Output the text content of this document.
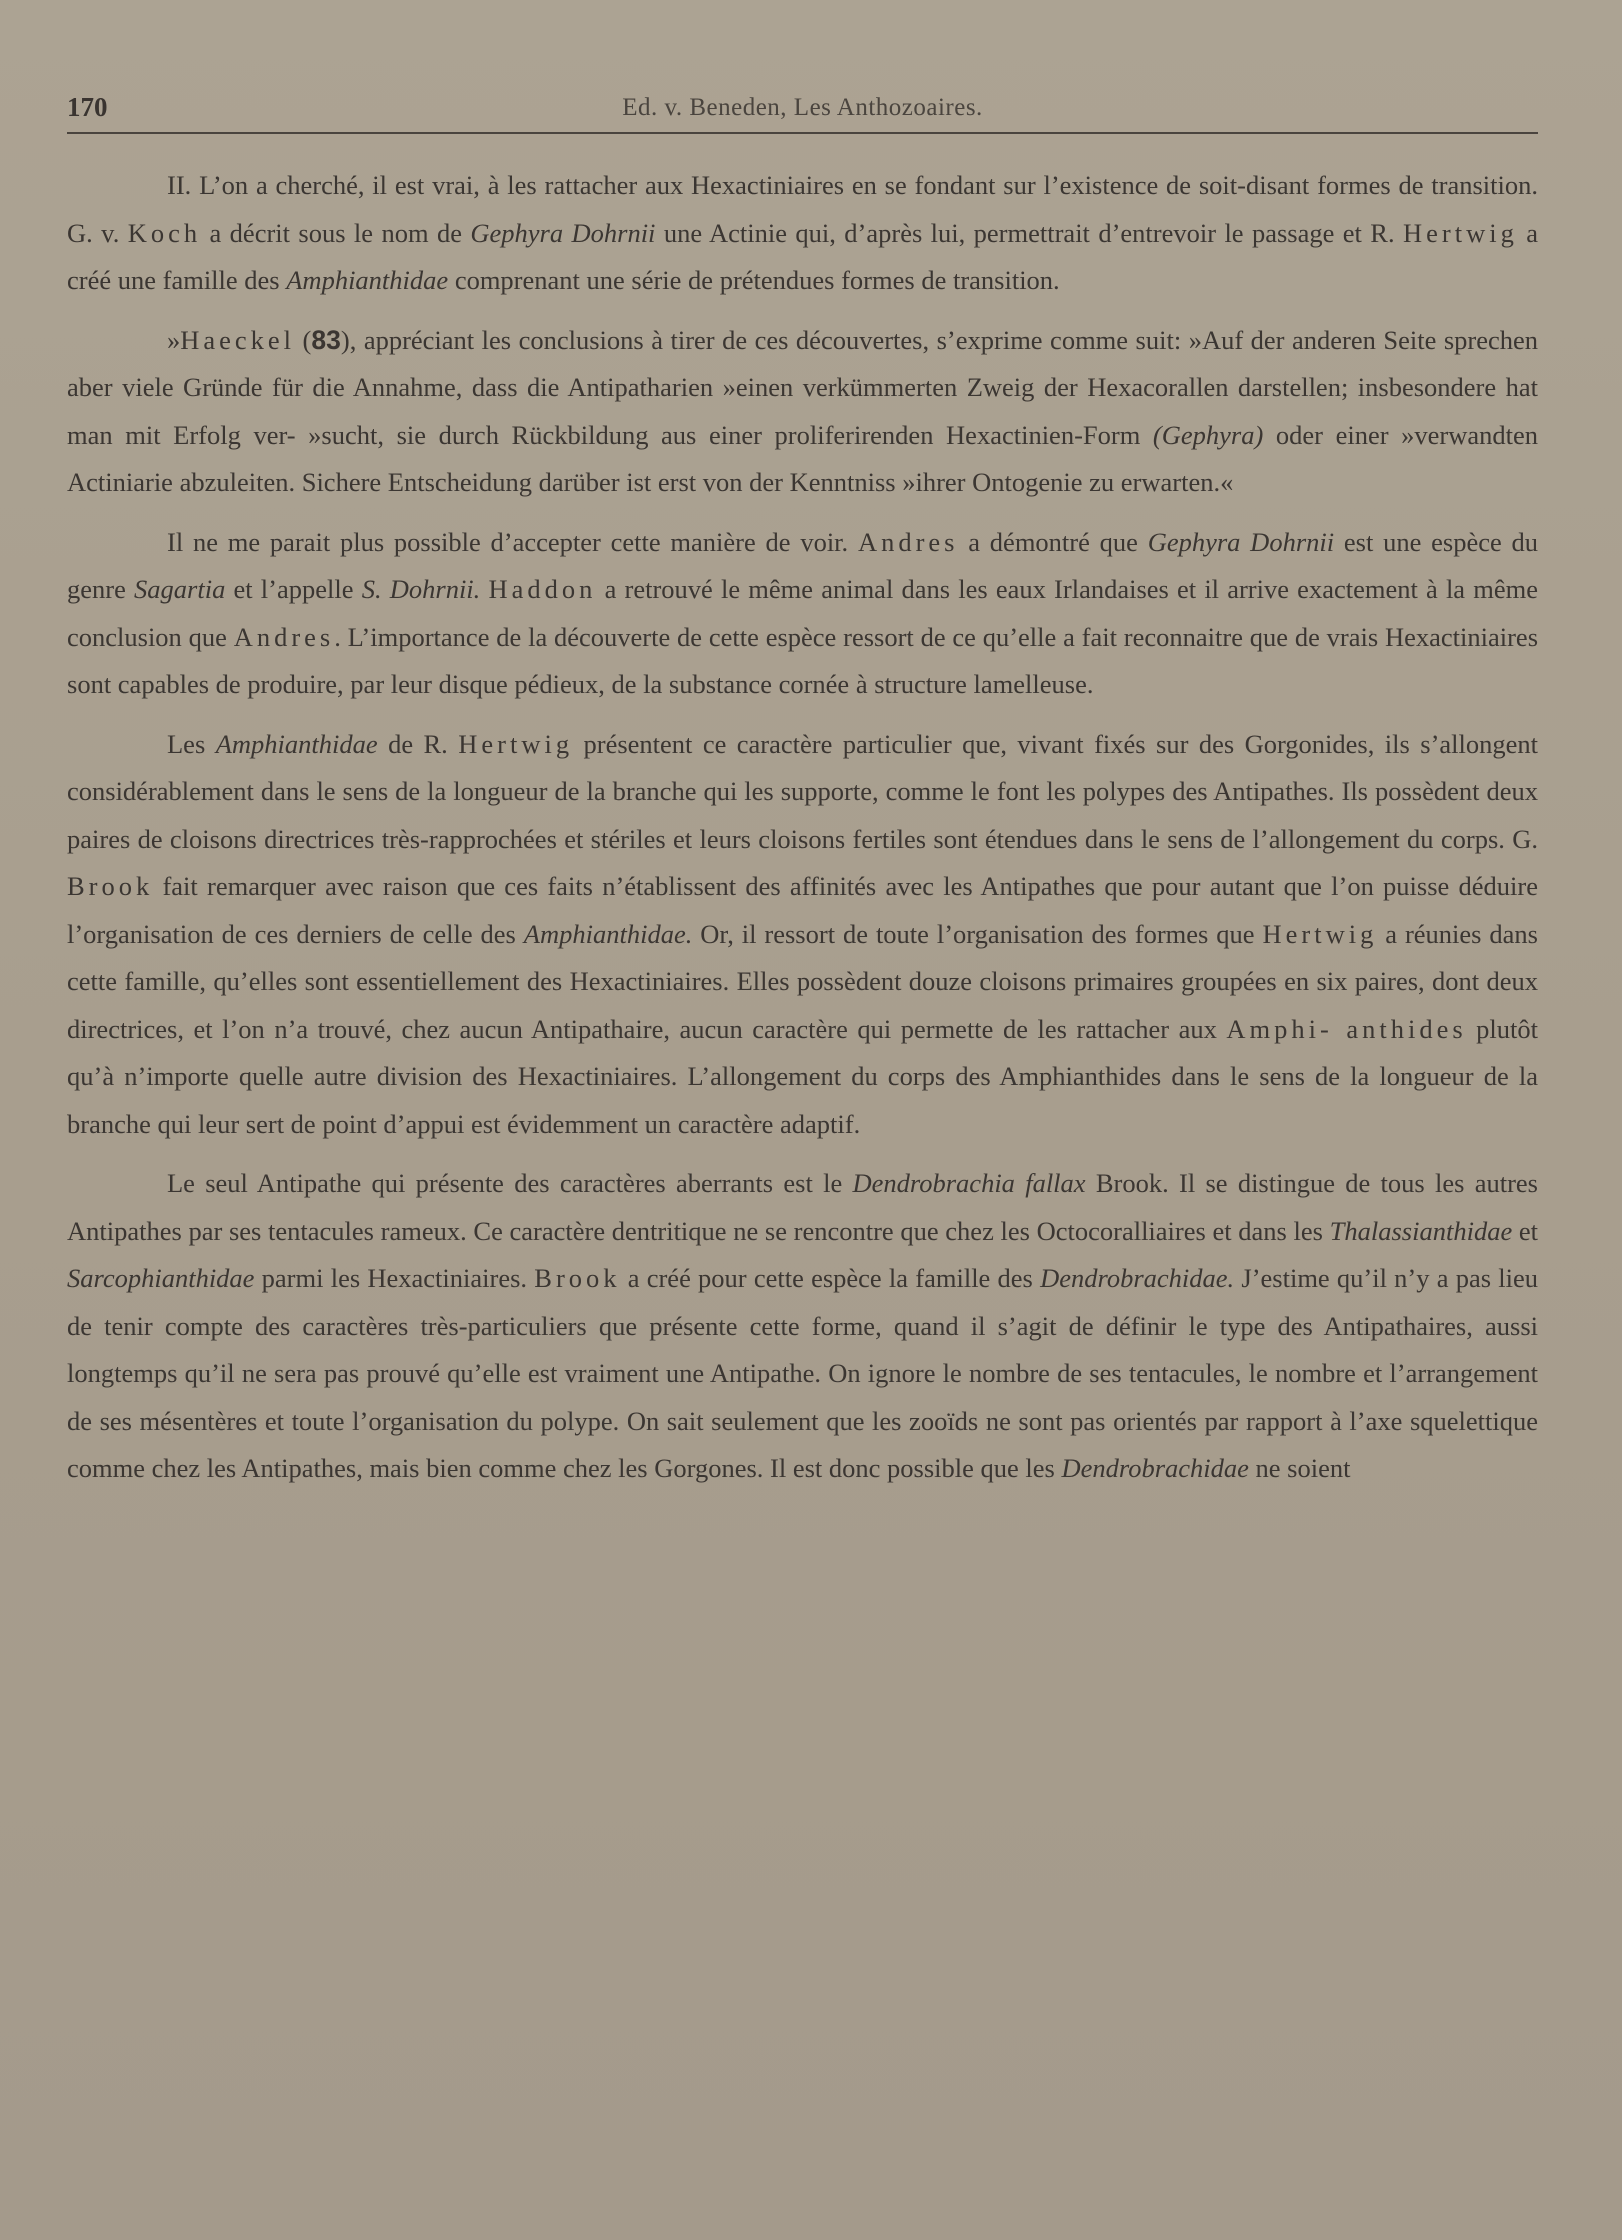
170	Ed. v. Beneden, Les Anthozoaires.

II. L’on a cherché, il est vrai, à les rattacher aux Hexactiniaires en se fondant sur l’existence de soit-disant formes de transition. G. v. Koch a décrit sous le nom de Gephyra Dohrnii une Actinie qui, d’après lui, permettrait d’entrevoir le passage et R. Hertwig a créé une famille des Amphianthidae comprenant une série de prétendues formes de transition.

»Haeckel (83), appréciant les conclusions à tirer de ces découvertes, s’exprime comme suit: »Auf der anderen Seite sprechen aber viele Gründe für die Annahme, dass die Antipatharien »einen verkümmerten Zweig der Hexacorallen darstellen; insbesondere hat man mit Erfolg ver- »sucht, sie durch Rückbildung aus einer proliferirenden Hexactinien-Form (Gephyra) oder einer »verwandten Actiniarie abzuleiten. Sichere Entscheidung darüber ist erst von der Kenntniss »ihrer Ontogenie zu erwarten.«

Il ne me parait plus possible d’accepter cette manière de voir. Andres a démontré que Gephyra Dohrnii est une espèce du genre Sagartia et l’appelle S. Dohrnii. Haddon a retrouvé le même animal dans les eaux Irlandaises et il arrive exactement à la même conclusion que Andres. L’importance de la découverte de cette espèce ressort de ce qu’elle a fait reconnaitre que de vrais Hexactiniaires sont capables de produire, par leur disque pédieux, de la substance cornée à structure lamelleuse.

Les Amphianthidae de R. Hertwig présentent ce caractère particulier que, vivant fixés sur des Gorgonides, ils s’allongent considérablement dans le sens de la longueur de la branche qui les supporte, comme le font les polypes des Antipathes. Ils possèdent deux paires de cloisons directrices très-rapprochées et stériles et leurs cloisons fertiles sont étendues dans le sens de l’allongement du corps. G. Brook fait remarquer avec raison que ces faits n’établissent des affinités avec les Antipathes que pour autant que l’on puisse déduire l’organisation de ces derniers de celle des Amphianthidae. Or, il ressort de toute l’organisation des formes que Hertwig a réunies dans cette famille, qu’elles sont essentiellement des Hexactiniaires. Elles possèdent douze cloisons primaires groupées en six paires, dont deux directrices, et l’on n’a trouvé, chez aucun Antipathaire, aucun caractère qui permette de les rattacher aux Amphi- anthides plutôt qu’à n’importe quelle autre division des Hexactiniaires. L’allongement du corps des Amphianthides dans le sens de la longueur de la branche qui leur sert de point d’appui est évidemment un caractère adaptif.

Le seul Antipathe qui présente des caractères aberrants est le Dendrobrachia fallax Brook. Il se distingue de tous les autres Antipathes par ses tentacules rameux. Ce caractère dentritique ne se rencontre que chez les Octocoralliaires et dans les Thalassianthidae et Sarcophianthidae parmi les Hexactiniaires. Brook a créé pour cette espèce la famille des Dendrobrachidae. J’estime qu’il n’y a pas lieu de tenir compte des caractères très-particuliers que présente cette forme, quand il s’agit de définir le type des Antipathaires, aussi longtemps qu’il ne sera pas prouvé qu’elle est vraiment une Antipathe. On ignore le nombre de ses tentacules, le nombre et l’arrangement de ses mésentères et toute l’organisation du polype. On sait seulement que les zooïds ne sont pas orientés par rapport à l’axe squelettique comme chez les Antipathes, mais bien comme chez les Gorgones. Il est donc possible que les Dendrobrachidae ne soient
